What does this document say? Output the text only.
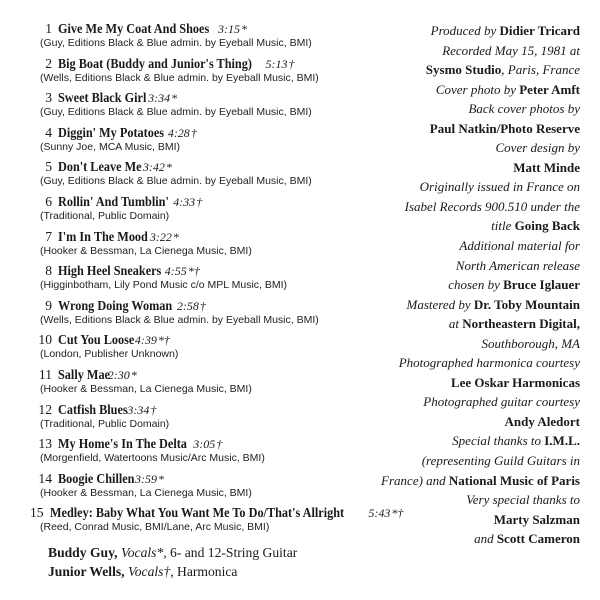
1 Give Me My Coat And Shoes 3:15*
(Guy, Editions Black & Blue admin. by Eyeball Music, BMI)
2 Big Boat (Buddy and Junior's Thing) 5:13†
(Wells, Editions Black & Blue admin. by Eyeball Music, BMI)
3 Sweet Black Girl 3:34*
(Guy, Editions Black & Blue admin. by Eyeball Music, BMI)
4 Diggin' My Potatoes 4:28†
(Sunny Joe, MCA Music, BMI)
5 Don't Leave Me 3:42*
(Guy, Editions Black & Blue admin. by Eyeball Music, BMI)
6 Rollin' And Tumblin' 4:33†
(Traditional, Public Domain)
7 I'm In The Mood 3:22*
(Hooker & Bessman, La Cienega Music, BMI)
8 High Heel Sneakers 4:55*†
(Higginbotham, Lily Pond Music c/o MPL Music, BMI)
9 Wrong Doing Woman 2:58†
(Wells, Editions Black & Blue admin. by Eyeball Music, BMI)
10 Cut You Loose 4:39*†
(London, Publisher Unknown)
11 Sally Mae
2:30*
(Hooker & Bessman, La Cienega Music, BMI)
12 Catfish Blues 3:34†
(Traditional, Public Domain)
13 My Home's In The Delta 3:05†
(Morgenfield, Watertoons Music/Arc Music, BMI)
14 Boogie Chillen 3:59*
(Hooker & Bessman, La Cienega Music, BMI)
15 Medley: Baby What You Want Me To Do/That's Allright 5:43*†
(Reed, Conrad Music, BMI/Lane, Arc Music, BMI)
Buddy Guy, Vocals*, 6- and 12-String Guitar
Junior Wells, Vocals†, Harmonica
Produced by Didier Tricard
Recorded May 15, 1981 at
Sysmo Studio, Paris, France
Cover photo by Peter Amft
Back cover photos by
Paul Natkin/Photo Reserve
Cover design by
Matt Minde
Originally issued in France on
Isabel Records 900.510 under the
title Going Back
Additional material for
North American release
chosen by Bruce Iglauer
Mastered by Dr. Toby Mountain
at Northeastern Digital,
Southborough, MA
Photographed harmonica courtesy
Lee Oskar Harmonicas
Photographed guitar courtesy
Andy Aledort
Special thanks to I.M.L.
(representing Guild Guitars in
France) and National Music of Paris
Very special thanks to
Marty Salzman
and Scott Cameron
